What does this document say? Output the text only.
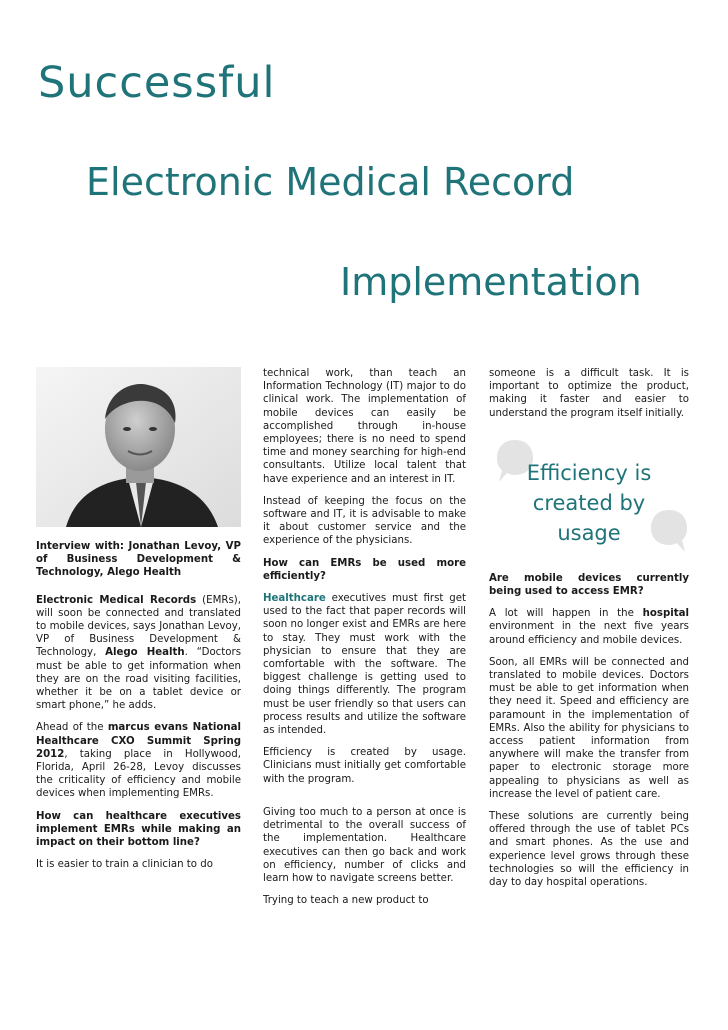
Successful
Electronic Medical Record
Implementation

Interview with: Jonathan Levoy, VP of Business Development & Technology, Alego Health

Electronic Medical Records (EMRs), will soon be connected and translated to mobile devices, says Jonathan Levoy, VP of Business Development & Technology, Alego Health. “Doctors must be able to get information when they are on the road visiting facilities, whether it be on a tablet device or smart phone,” he adds.

Ahead of the marcus evans National Healthcare CXO Summit Spring 2012, taking place in Hollywood, Florida, April 26-28, Levoy discusses the criticality of efficiency and mobile devices when implementing EMRs.

How can healthcare executives implement EMRs while making an impact on their bottom line?

It is easier to train a clinician to do

technical work, than teach an Information Technology (IT) major to do clinical work. The implementation of mobile devices can easily be accomplished through in-house employees; there is no need to spend time and money searching for high-end consultants. Utilize local talent that have experience and an interest in IT.

Instead of keeping the focus on the software and IT, it is advisable to make it about customer service and the experience of the physicians.

How can EMRs be used more efficiently?

Healthcare executives must first get used to the fact that paper records will soon no longer exist and EMRs are here to stay. They must work with the physician to ensure that they are comfortable with the software. The biggest challenge is getting used to doing things differently. The program must be user friendly so that users can process results and utilize the software as intended.

Efficiency is created by usage. Clinicians must initially get comfortable with the program.

Giving too much to a person at once is detrimental to the overall success of the implementation. Healthcare executives can then go back and work on efficiency, number of clicks and learn how to navigate screens better.

Trying to teach a new product to

someone is a difficult task. It is important to optimize the product, making it faster and easier to understand the program itself initially.

Efficiency is
created by
usage

Are mobile devices currently being used to access EMR?

A lot will happen in the hospital environment in the next five years around efficiency and mobile devices.

Soon, all EMRs will be connected and translated to mobile devices. Doctors must be able to get information when they need it. Speed and efficiency are paramount in the implementation of EMRs. Also the ability for physicians to access patient information from anywhere will make the transfer from paper to electronic storage more appealing to physicians as well as increase the level of patient care.

These solutions are currently being offered through the use of tablet PCs and smart phones. As the use and experience level grows through these technologies so will the efficiency in day to day hospital operations.
